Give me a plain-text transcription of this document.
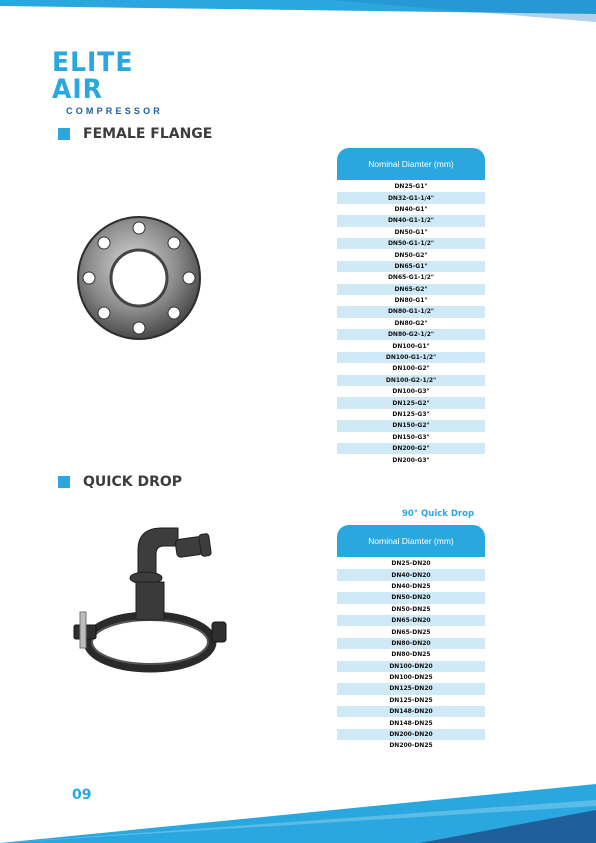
ELITE AIR
COMPRESSOR
FEMALE FLANGE
Nominal Diamter (mm)
DN25-G1"
DN32-G1-1/4"
DN40-G1"
DN40-G1-1/2"
DN50-G1"
DN50-G1-1/2"
DN50-G2"
DN65-G1"
DN65-G1-1/2"
DN65-G2"
DN80-G1"
DN80-G1-1/2"
DN80-G2"
DN80-G2-1/2"
DN100-G1"
DN100-G1-1/2"
DN100-G2"
DN100-G2-1/2"
DN100-G3"
DN125-G2"
DN125-G3"
DN150-G2"
DN150-G3"
DN200-G2"
DN200-G3"
QUICK DROP
90° Quick Drop
Nominal Diamter (mm)
DN25-DN20
DN40-DN20
DN40-DN25
DN50-DN20
DN50-DN25
DN65-DN20
DN65-DN25
DN80-DN20
DN80-DN25
DN100-DN20
DN100-DN25
DN125-DN20
DN125-DN25
DN148-DN20
DN148-DN25
DN200-DN20
DN200-DN25
09
